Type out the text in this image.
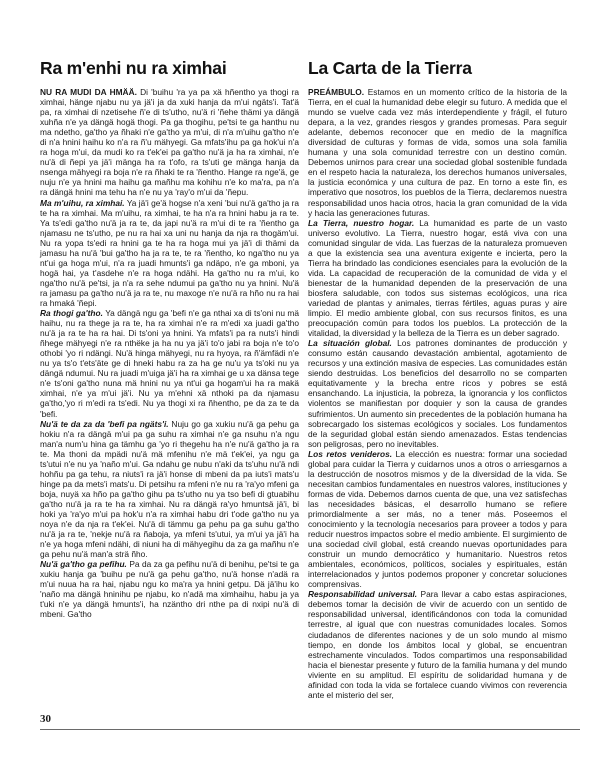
Ra m'enhi nu ra ximhai

NU RA MUDI DA HMÄÄ. Di 'buihu 'ra ya pa xä hñentho ya thogi ra ximhai, hänge njabu nu ya jä'i ja da xuki hanja da m'ui ngäts'i. Tat'ä pa, ra ximhai di nzetisehe ñ'e di ts'utho, nu'ä ri 'ñehe thämi ya dängä xuhña n'e ya dängä hogä thogi. Pa ga thogihu, pe'tsi te ga hanthu nu ma ndetho, ga'tho ya ñhaki n'e ga'tho ya m'ui, di n'a m'uihu ga'tho n'e di n'a hnini haihu ko n'a ra ñ'u mähyegi. Ga mfats'ihu pa ga hok'ui n'a ra hoga m'ui, da mudi ko ra t'ek'ei pa ga'tho nu'ä ja ha ra ximhai, n'e nu'ä di ñepi ya jä'i mänga ha ra t'ofo, ra ts'uti ge mänga hanja da nsenga mähyegi ra boja n'e ra ñhaki te ra 'ñentho. Hange ra nge'ä, ge nuju n'e ya hnini ma haihu ga mañhu ma kohihu n'e ko ma'ra, pa n'a ra dängä hnini ma tehu ha n'e nu ya 'ray'o m'ui da 'ñepu.

Ma m'uihu, ra ximhai. Ya jä'i ge'ä hogse n'a xeni 'bui nu'ä ga'tho ja ra te ha ra ximhai. Ma m'uihu, ra ximhai, te ha n'a ra hnini habu ja ra te. Ya ts'edi ga'tho nu'ä ja ra te, da japi nu'ä ra m'ui di te ra 'ñentho ga njamasu ne ts'utho, pe nu ra hai xa uni nu hanja da nja ra thogäm'ui. Nu ra yopa ts'edi ra hnini ga te ha ra hoga mui ya jä'i di thämi da jamasu ha nu'ä 'bui ga'tho ha ja ra te, te ra 'ñentho, ko nga'tho nu ya nt'ui ga hoga m'ui, n'a ra juadi hmunts'i ga ndäpo, n'e ga mboni, ya hogä hai, ya t'asdehe n'e ra hoga ndähi. Ha ga'tho nu ra m'ui, ko nga'tho nu'ä pe'tsi, ja n'a ra sehe ndumui pa ga'tho nu ya hnini. Nu'ä ra jamasu pa ga'tho nu'ä ja ra te, nu maxoge n'e nu'ä ra hño nu ra hai ra hmaká 'ñepi.

Ra thogi ga'tho. Ya dängä ngu ga 'befi n'e ga nthai xa di ts'oni nu mä haihu, nu ra thege ja ra te, ha ra ximhai n'e ra m'edi xa juadi ga'tho nu'ä ja ra te ha ra hai. Di ts'oni ya hnini. Ya mfats'i pa ra nuts'i hindi ñhege mähyegi n'e ra nthëke ja ha nu ya jä'i to'o jabi ra boja n'e to'o othobi 'yo ri ndängi. Nu'ä hinga mähyegi, nu ra hyoya, ra ñ'ämfädi n'e nu ya ts'o t'ets'äte ge di hneki habu ra za ha ge nu'u ya ts'oki nu ya dängä ndumui. Nu ra juadi m'uiga jä'i ha ra ximhai ge u xa dänsa tege n'e ts'oni ga'tho nuna mä hnini nu ya nt'ui ga hogam'ui ha ra makä ximhai, n'e ya m'ui jä'i. Nu ya m'ehni xä nthoki pa da njamasu ga'tho,'yo ri m'edi ra ts'edi. Nu ya thogi xi ra ñhentho, pe da za te da 'befi.

Nu'ä te da za da 'befi pa ngäts'i. Nuju go ga xukiu nu'ä ga pehu ga hokiu n'a ra dängä m'ui pa ga suhu ra ximhai n'e ga nsuhu n'a ngu man'a num'u hina ga tämhu ga 'yo ri thegehu ha n'e nu'ä ga'tho ja ra te. Ma thoni da mpädi nu'ä mä mfenihu n'e mä t'ek'ei, ya ngu ga ts'utui n'e nu ya 'naño m'ui. Ga ndahu ge nubu n'aki da ts'uhu nu'ä ndi hohñu pa ga tehu, ra niuts'i ra jä'i honse di mbeni da pa iuts'i mats'u hinge pa da mets'i mats'u. Di petsihu ra mfeni n'e nu ra 'ra'yo mfeni ga boja, nuyä xa hño pa ga'tho gihu pa ts'utho nu ya tso befi di gtuabihu ga'tho nu'ä ja ra te ha ra ximhai. Nu ra dängä ra'yo hmuntsä jä'i, bi hoki ya 'ra'yo m'ui pa hok'u n'a ra ximhai habu dri t'ode ga'tho nu ya noya n'e da nja ra t'ek'ei. Nu'ä di tämmu ga pehu pa ga suhu ga'tho nu'ä ja ra te, 'nekje nu'ä ra ñaboja, ya mfeni ts'utui, ya m'ui ya jä'i ha n'e ya hoga mfeni ndähi, di niuni ha di mähyegihu da za ga mañhu n'e ga pehu nu'ä man'a strä ñho.

Nu'ä ga'tho ga pefihu. Pa da za ga pefihu nu'ä di benihu, pe'tsi te ga xukiu hanja ga 'buihu pe nu'ä ga pehu ga'tho, nu'ä honse n'adä ra m'ui nuua ha ra hai, njabu ngu ko ma'ra ya hnini getpu. Dä jä'ihu ko 'naño ma dängä hninihu pe njabu, ko n'adä ma ximhaihu, habu ja ya t'uki n'e ya dängä hmunts'i, ha nzäntho dri nthe pa di nxipi nu'ä di mbeni. Ga'tho

La Carta de la Tierra

PREÁMBULO. Estamos en un momento crítico de la historia de la Tierra, en el cual la humanidad debe elegir su futuro. A medida que el mundo se vuelve cada vez más interdependiente y frágil, el futuro depara, a la vez, grandes riesgos y grandes promesas. Para seguir adelante, debemos reconocer que en medio de la magnífica diversidad de culturas y formas de vida, somos una sola familia humana y una sola comunidad terrestre con un destino común. Debemos unirnos para crear una sociedad global sostenible fundada en el respeto hacia la naturaleza, los derechos humanos universales, la justicia económica y una cultura de paz. En torno a este fin, es imperativo que nosotros, los pueblos de la Tierra, declaremos nuestra responsabilidad unos hacia otros, hacia la gran comunidad de la vida y hacia las generaciones futuras.

La Tierra, nuestro hogar. La humanidad es parte de un vasto universo evolutivo. La Tierra, nuestro hogar, está viva con una comunidad singular de vida. Las fuerzas de la naturaleza promueven a que la existencia sea una aventura exigente e incierta, pero la Tierra ha brindado las condiciones esenciales para la evolución de la vida. La capacidad de recuperación de la comunidad de vida y el bienestar de la humanidad dependen de la preservación de una biosfera saludable, con todos sus sistemas ecológicos, una rica variedad de plantas y animales, tierras fértiles, aguas puras y aire limpio. El medio ambiente global, con sus recursos finitos, es una preocupación común para todos los pueblos. La protección de la vitalidad, la diversidad y la belleza de la Tierra es un deber sagrado.

La situación global. Los patrones dominantes de producción y consumo están causando devastación ambiental, agotamiento de recursos y una extinción masiva de especies. Las comunidades están siendo destruidas. Los beneficios del desarrollo no se comparten equitativamente y la brecha entre ricos y pobres se está ensanchando. La injusticia, la pobreza, la ignorancia y los conflictos violentos se manifiestan por doquier y son la causa de grandes sufrimientos. Un aumento sin precedentes de la población humana ha sobrecargado los sistemas ecológicos y sociales. Los fundamentos de la seguridad global están siendo amenazados. Estas tendencias son peligrosas, pero no inevitables.

Los retos venideros. La elección es nuestra: formar una sociedad global para cuidar la Tierra y cuidarnos unos a otros o arriesgarnos a la destrucción de nosotros mismos y de la diversidad de la vida. Se necesitan cambios fundamentales en nuestros valores, instituciones y formas de vida. Debemos darnos cuenta de que, una vez satisfechas las necesidades básicas, el desarrollo humano se refiere primordialmente a ser más, no a tener más. Poseemos el conocimiento y la tecnología necesarios para proveer a todos y para reducir nuestros impactos sobre el medio ambiente. El surgimiento de una sociedad civil global, está creando nuevas oportunidades para construir un mundo democrático y humanitario. Nuestros retos ambientales, económicos, políticos, sociales y espirituales, están interrelacionados y juntos podemos proponer y concretar soluciones comprensivas.

Responsabilidad universal. Para llevar a cabo estas aspiraciones, debemos tomar la decisión de vivir de acuerdo con un sentido de responsabilidad universal, identificándonos con toda la comunidad terrestre, al igual que con nuestras comunidades locales. Somos ciudadanos de diferentes naciones y de un solo mundo al mismo tiempo, en donde los ámbitos local y global, se encuentran estrechamente vinculados. Todos compartimos una responsabilidad hacia el bienestar presente y futuro de la familia humana y del mundo viviente en su amplitud. El espíritu de solidaridad humana y de afinidad con toda la vida se fortalece cuando vivimos con reverencia ante el misterio del ser,

30
